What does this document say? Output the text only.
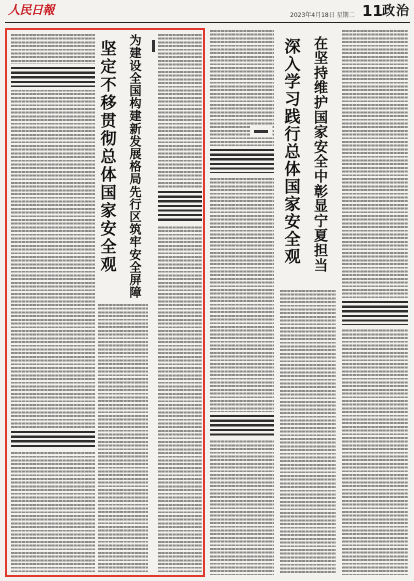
人民日報	2023年4月18日 星期二 11 政治
为建设全国构建新发展格局先行区筑牢安全屏障
坚定不移贯彻总体国家安全观	在坚持维护国家安全中彰显宁夏担当
深入学习践行总体国家安全观
